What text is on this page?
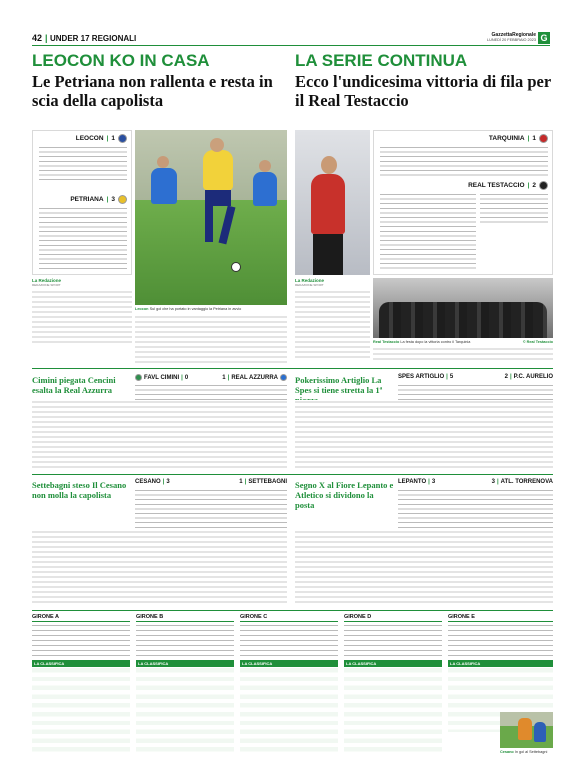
42 | UNDER 17 REGIONALI	GazzettaRegionale
LUNEDÌ 20 FEBBRAIO 2023 G
LEOCON KO IN CASA
Le Petriana non rallenta e resta in scia della capolista
LA SERIE CONTINUA
Ecco l'undicesima vittoria di fila per il Real Testaccio
LEOCON | 1
PETRIANA | 3
La Redazione
REDAZIONE SPORT
Leocon Sul gol che ha portato in vantaggio la Petriana in avvio
TARQUINIA | 1
REAL TESTACCIO | 2
La Redazione
REDAZIONE SPORT
Real Testaccio La festa dopo la vittoria contro il Tarquinia	© Real Testaccio
Cimini piegata Cencini esalta la Real Azzurra
FAVL CIMINI | 0	1 | REAL AZZURRA Pokerissimo Artiglio La Spes si tiene stretta la 1ª
SPES ARTIGLIO | 5	2 | P.C. AURELIO
Settebagni steso Il Cesano non molla la capolista
CESANO | 3	1 | SETTEBAGNI Segno X al Fiore Lepanto e Atletico si dividono la posta
LEPANTO | 3	3 | ATL. TORRENOVA
GIRONE A
LA CLASSIFICA
GIRONE B
LA CLASSIFICA
GIRONE C
LA CLASSIFICA
GIRONE D
LA CLASSIFICA
GIRONE E
LA CLASSIFICA
Cesano In gol al Settebagni
